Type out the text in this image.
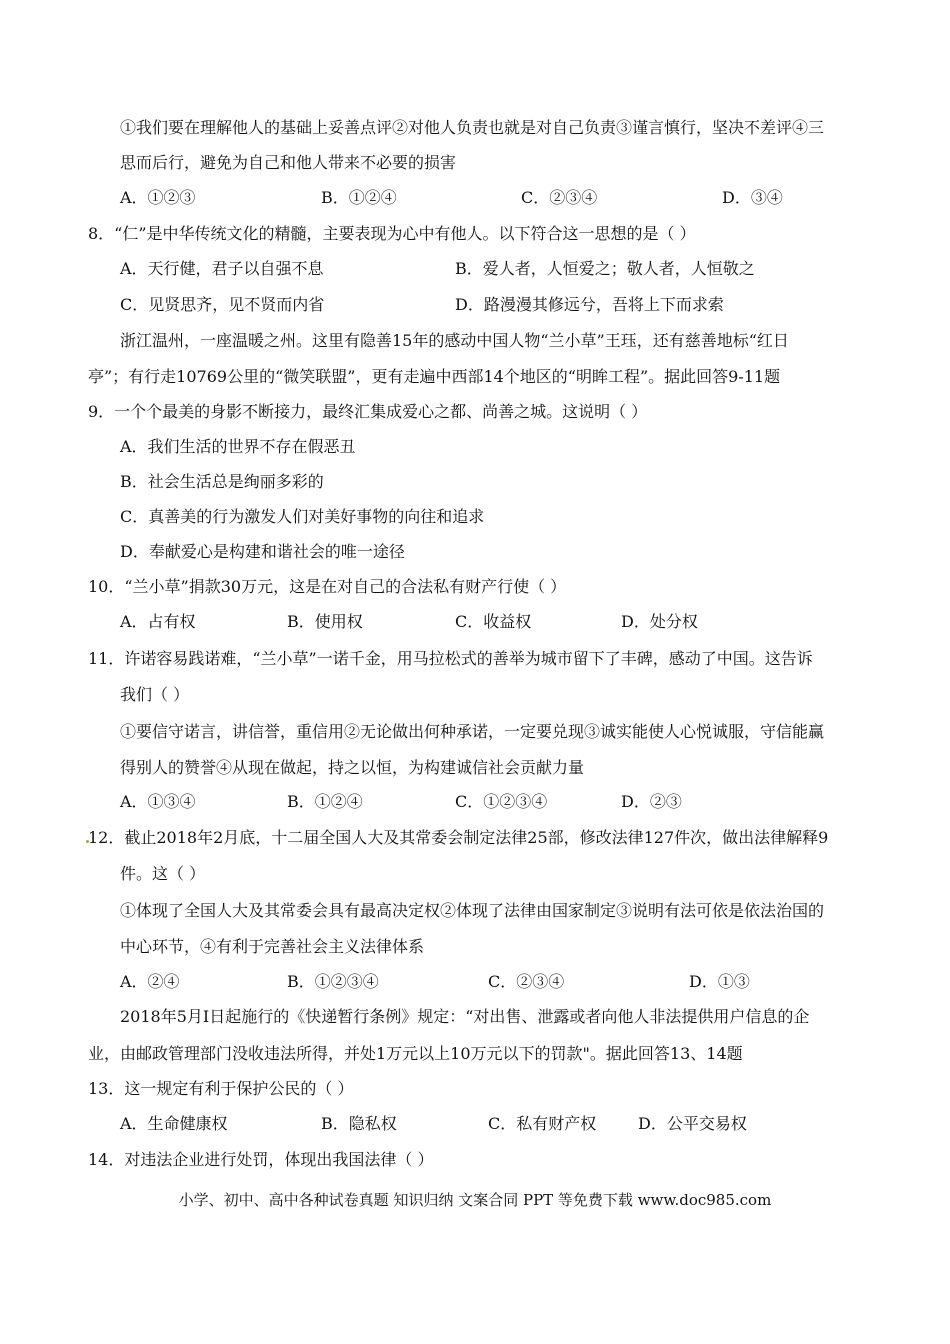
①我们要在理解他人的基础上妥善点评②对他人负责也就是对自己负责③谨言慎行，坚决不差评④三
思而后行，避免为自己和他人带来不必要的损害
A．①②③	B．①②④	C．②③④	D．③④
8．“仁”是中华传统文化的精髓，主要表现为心中有他人。以下符合这一思想的是（ ）
A．天行健，君子以自强不息	B．爱人者，人恒爱之；敬人者，人恒敬之
C．见贤思齐，见不贤而内省	D．路漫漫其修远兮，吾将上下而求索
浙江温州，一座温暖之州。这里有隐善15年的感动中国人物“兰小草”王珏，还有慈善地标“红日
亭”；有行走10769公里的“微笑联盟”，更有走遍中西部14个地区的“明眸工程”。据此回答9-11题
9．一个个最美的身影不断接力，最终汇集成爱心之都、尚善之城。这说明（ ）
A．我们生活的世界不存在假恶丑
B．社会生活总是绚丽多彩的
C．真善美的行为激发人们对美好事物的向往和追求
D．奉献爱心是构建和谐社会的唯一途径
10．“兰小草”捐款30万元，这是在对自己的合法私有财产行使（ ）
A．占有权	B．使用权	C．收益权	D．处分权
11．许诺容易践诺难，“兰小草”一诺千金，用马拉松式的善举为城市留下了丰碑，感动了中国。这告诉
我们（ ）
①要信守诺言，讲信誉，重信用②无论做出何种承诺，一定要兑现③诚实能使人心悦诚服，守信能赢
得别人的赞誉④从现在做起，持之以恒，为构建诚信社会贡献力量
A．①③④	B．①②④	C．①②③④	D．②③
12．截止2018年2月底，十二届全国人大及其常委会制定法律25部，修改法律127件次，做出法律解释9
件。这（ ）
①体现了全国人大及其常委会具有最高决定权②体现了法律由国家制定③说明有法可依是依法治国的
中心环节，④有利于完善社会主义法律体系
A．②④	B．①②③④	C．②③④	D．①③
2018年5月I日起施行的《快递暂行条例》规定：“对出售、泄露或者向他人非法提供用户信息的企
业，由邮政管理部门没收违法所得，并处1万元以上10万元以下的罚款"。据此回答13、14题
13．这一规定有利于保护公民的（ ）
A．生命健康权	B．隐私权	C．私有财产权	D．公平交易权
14．对违法企业进行处罚，体现出我国法律（ ）
小学、初中、高中各种试卷真题 知识归纳 文案合同 PPT 等免费下载 www.doc985.com
